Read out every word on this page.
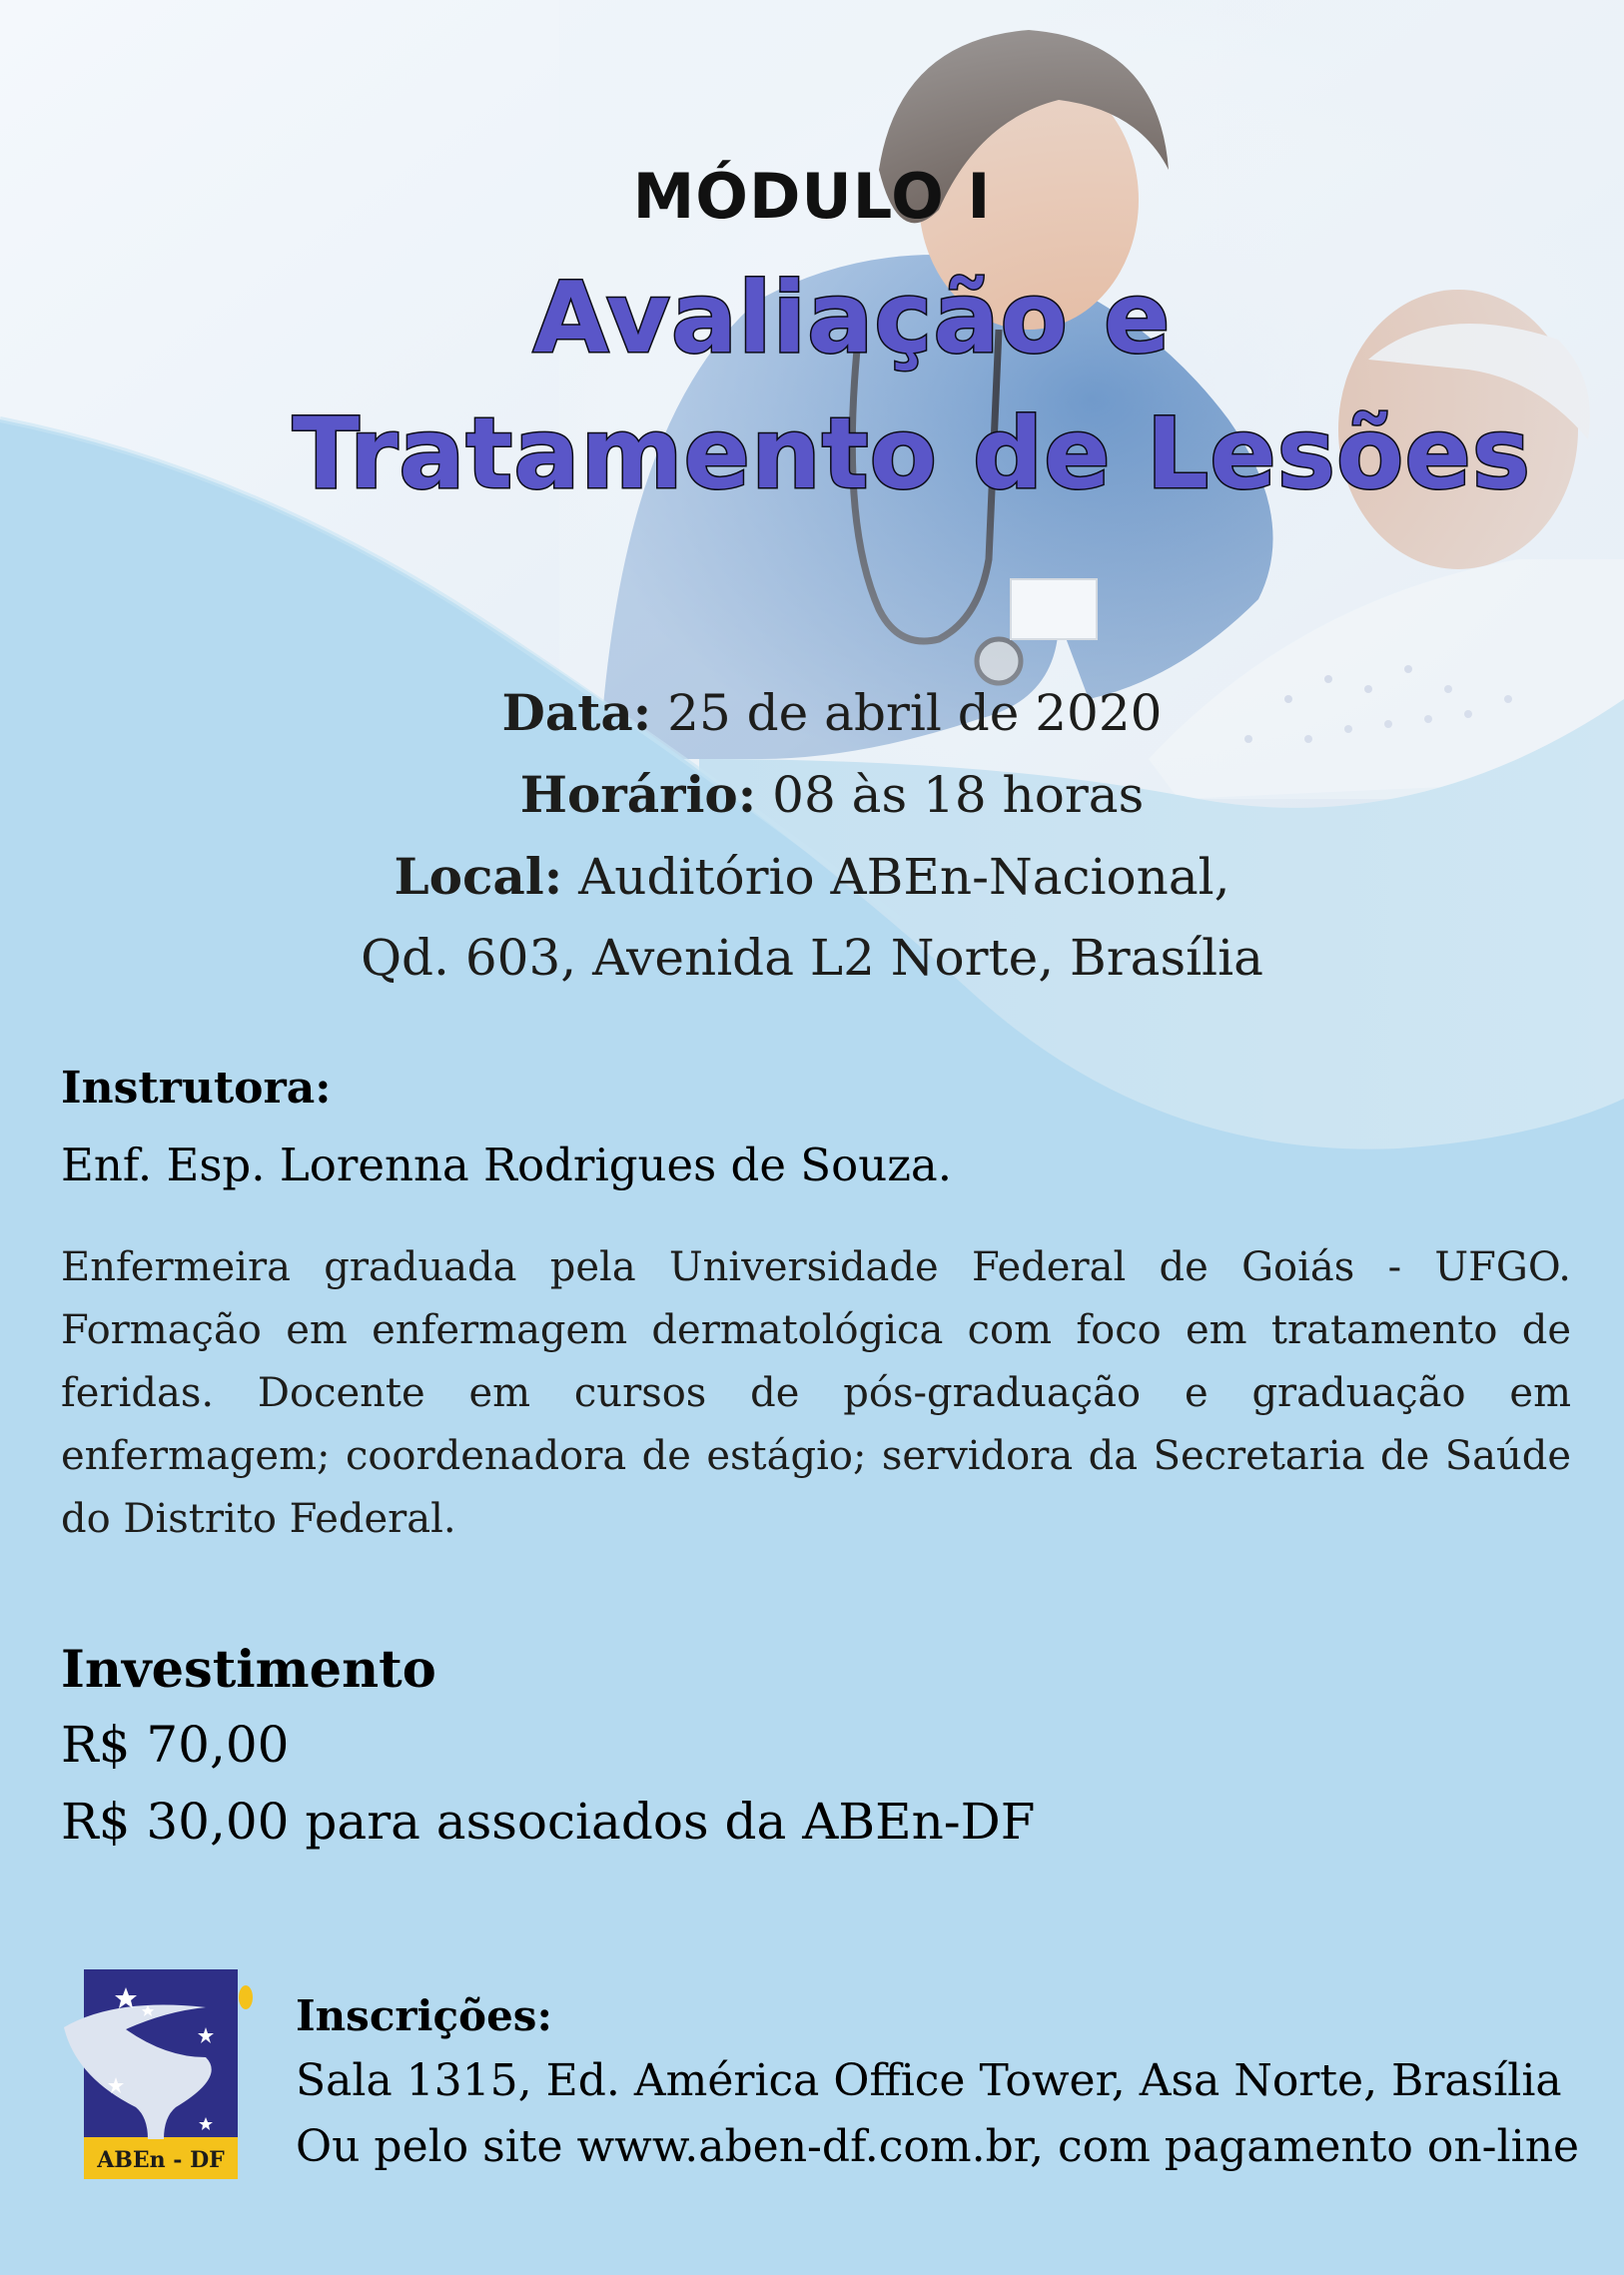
MÓDULO I
Avaliação e
Tratamento de Lesões
Data: 25 de abril de 2020
Horário: 08 às 18 horas
Local: Auditório ABEn-Nacional,
Qd. 603, Avenida L2 Norte, Brasília
Instrutora:
Enf. Esp. Lorenna Rodrigues de Souza.

Enfermeira graduada pela Universidade Federal de Goiás - UFGO. Formação em enfermagem dermatológica com foco em tratamento de feridas. Docente em cursos de pós-graduação e graduação em enfermagem; coordenadora de estágio; servidora da Secretaria de Saúde do Distrito Federal.

Investimento
R$ 70,00
R$ 30,00 para associados da ABEn-DF
ABEn - DF
Inscrições:
Sala 1315, Ed. América Office Tower, Asa Norte, Brasília
Ou pelo site www.aben-df.com.br, com pagamento on-line
